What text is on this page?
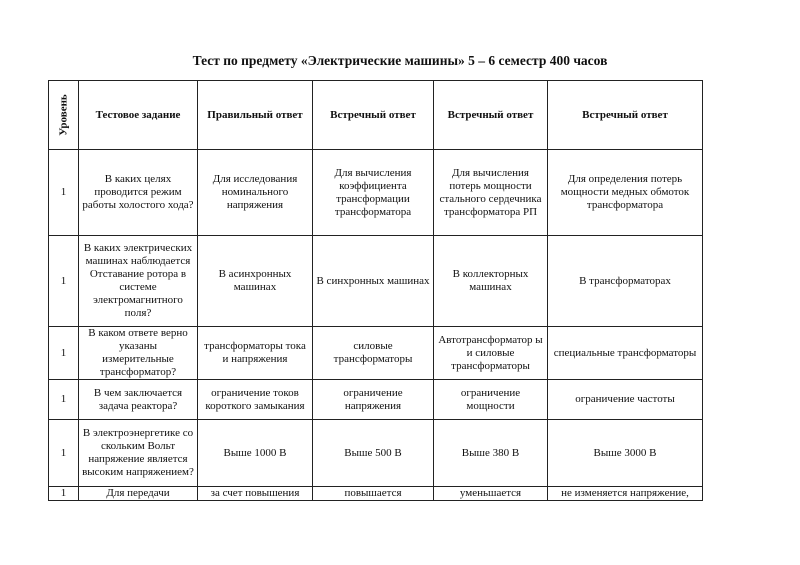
Тест по предмету «Электрические машины» 5 – 6 семестр 400 часов
Уровень	Тестовое задание	Правильный ответ	Встречный ответ	Встречный ответ	Встречный ответ
1	В каких целях проводится режим работы холостого хода?	Для исследования номинального напряжения	Для вычисления коэффициента трансформации трансформатора	Для вычисления потерь мощности стального сердечника трансформатора РП	Для определения потерь мощности медных обмоток трансформатора
1	В каких электрических машинах наблюдается Отставание ротора в системе электромагнитного поля?	В асинхронных машинах	В синхронных машинах	В коллекторных машинах	В трансформаторах
1	В каком ответе верно указаны измерительные трансформатор?	трансформаторы тока и напряжения	силовые трансформаторы	Автотрансформатор ы и силовые трансформаторы	специальные трансформаторы
1	В чем заключается задача реактора?	ограничение токов короткого замыкания	ограничение напряжения	ограничение мощности	ограничение частоты
1	В электроэнергетике со скольким Вольт напряжение является высоким напряжением?	Выше 1000 В	Выше 500 В	Выше 380 В	Выше 3000 В
1	Для передачи	за счет повышения	повышается	уменьшается	не изменяется напряжение,
